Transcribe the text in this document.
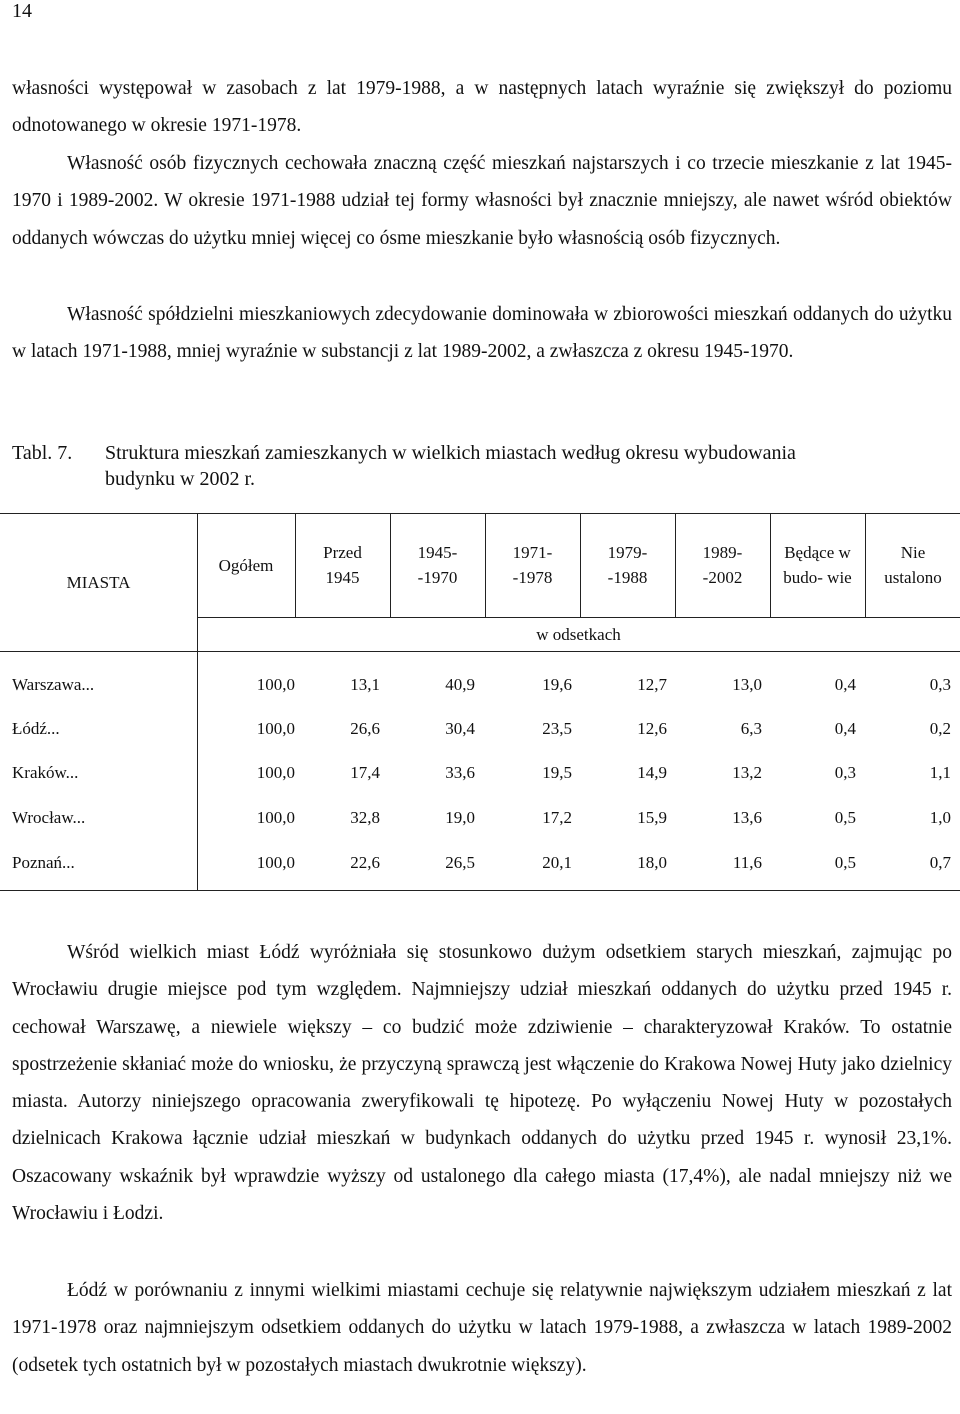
14

własności występował w zasobach z lat 1979-1988, a w następnych latach wyraźnie się zwiększył do poziomu odnotowanego w okresie 1971-1978.

Własność osób fizycznych cechowała znaczną część mieszkań najstarszych i co trzecie mieszkanie z lat 1945-1970 i 1989-2002. W okresie 1971-1988 udział tej formy własności był znacznie mniejszy, ale nawet wśród obiektów oddanych wówczas do użytku mniej więcej co ósme mieszkanie było własnością osób fizycznych.

Własność spółdzielni mieszkaniowych zdecydowanie dominowała w zbiorowości mieszkań oddanych do użytku w latach 1971-1988, mniej wyraźnie w substancji z lat 1989-2002, a zwłaszcza z okresu 1945-1970.

Tabl. 7. Struktura mieszkań zamieszkanych w wielkich miastach według okresu wybudowania budynku w 2002 r.
MIASTA
Ogółem
Przed 1945
1945- -1970
1971- -1978
1979- -1988
1989- -2002
Będące w budo- wie
Nie ustalono
w odsetkach
Warszawa...	100,0	13,1	40,9	19,6	12,7	13,0	0,4	0,3
Łódź...	100,0	26,6	30,4	23,5	12,6	6,3	0,4	0,2
Kraków...	100,0	17,4	33,6	19,5	14,9	13,2	0,3	1,1
Wrocław...	100,0	32,8	19,0	17,2	15,9	13,6	0,5	1,0
Poznań...	100,0	22,6	26,5	20,1	18,0	11,6	0,5	0,7

Wśród wielkich miast Łódź wyróżniała się stosunkowo dużym odsetkiem starych mieszkań, zajmując po Wrocławiu drugie miejsce pod tym względem. Najmniejszy udział mieszkań oddanych do użytku przed 1945 r. cechował Warszawę, a niewiele większy – co budzić może zdziwienie – charakteryzował Kraków. To ostatnie spostrzeżenie skłaniać może do wniosku, że przyczyną sprawczą jest włączenie do Krakowa Nowej Huty jako dzielnicy miasta. Autorzy niniejszego opracowania zweryfikowali tę hipotezę. Po wyłączeniu Nowej Huty w pozostałych dzielnicach Krakowa łącznie udział mieszkań w budynkach oddanych do użytku przed 1945 r. wynosił 23,1%. Oszacowany wskaźnik był wprawdzie wyższy od ustalonego dla całego miasta (17,4%), ale nadal mniejszy niż we Wrocławiu i Łodzi.

Łódź w porównaniu z innymi wielkimi miastami cechuje się relatywnie największym udziałem mieszkań z lat 1971-1978 oraz najmniejszym odsetkiem oddanych do użytku w latach 1979-1988, a zwłaszcza w latach 1989-2002 (odsetek tych ostatnich był w pozostałych miastach dwukrotnie większy).
